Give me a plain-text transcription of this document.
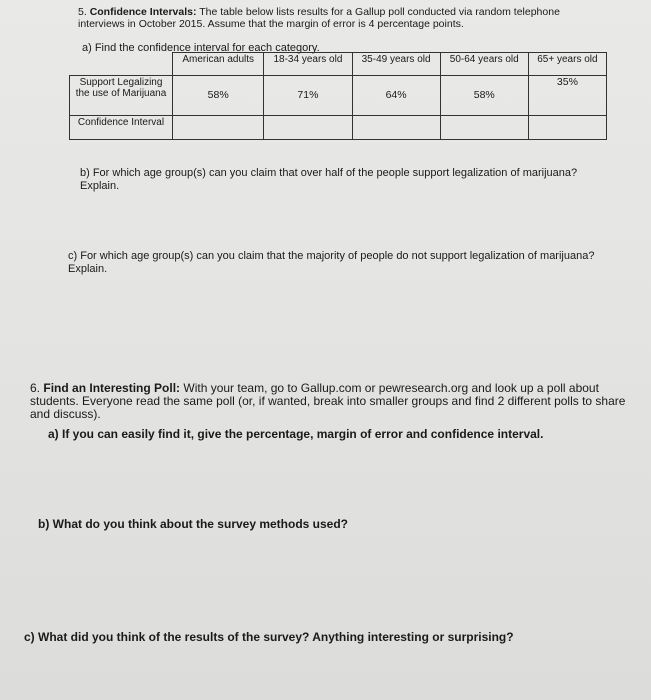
5. Confidence Intervals: The table below lists results for a Gallup poll conducted via random telephone interviews in October 2015. Assume that the margin of error is 4 percentage points.
a) Find the confidence interval for each category.
	American adults	18-34 years old	35-49 years old	50-64 years old	65+ years old
Support Legalizing the use of Marijuana	58%	71%	64%	58%	35%
Confidence Interval					
b) For which age group(s) can you claim that over half of the people support legalization of marijuana? Explain.
c) For which age group(s) can you claim that the majority of people do not support legalization of marijuana? Explain.
6. Find an Interesting Poll: With your team, go to Gallup.com or pewresearch.org and look up a poll about students. Everyone read the same poll (or, if wanted, break into smaller groups and find 2 different polls to share and discuss).
a) If you can easily find it, give the percentage, margin of error and confidence interval.
b) What do you think about the survey methods used?
c) What did you think of the results of the survey? Anything interesting or surprising?
